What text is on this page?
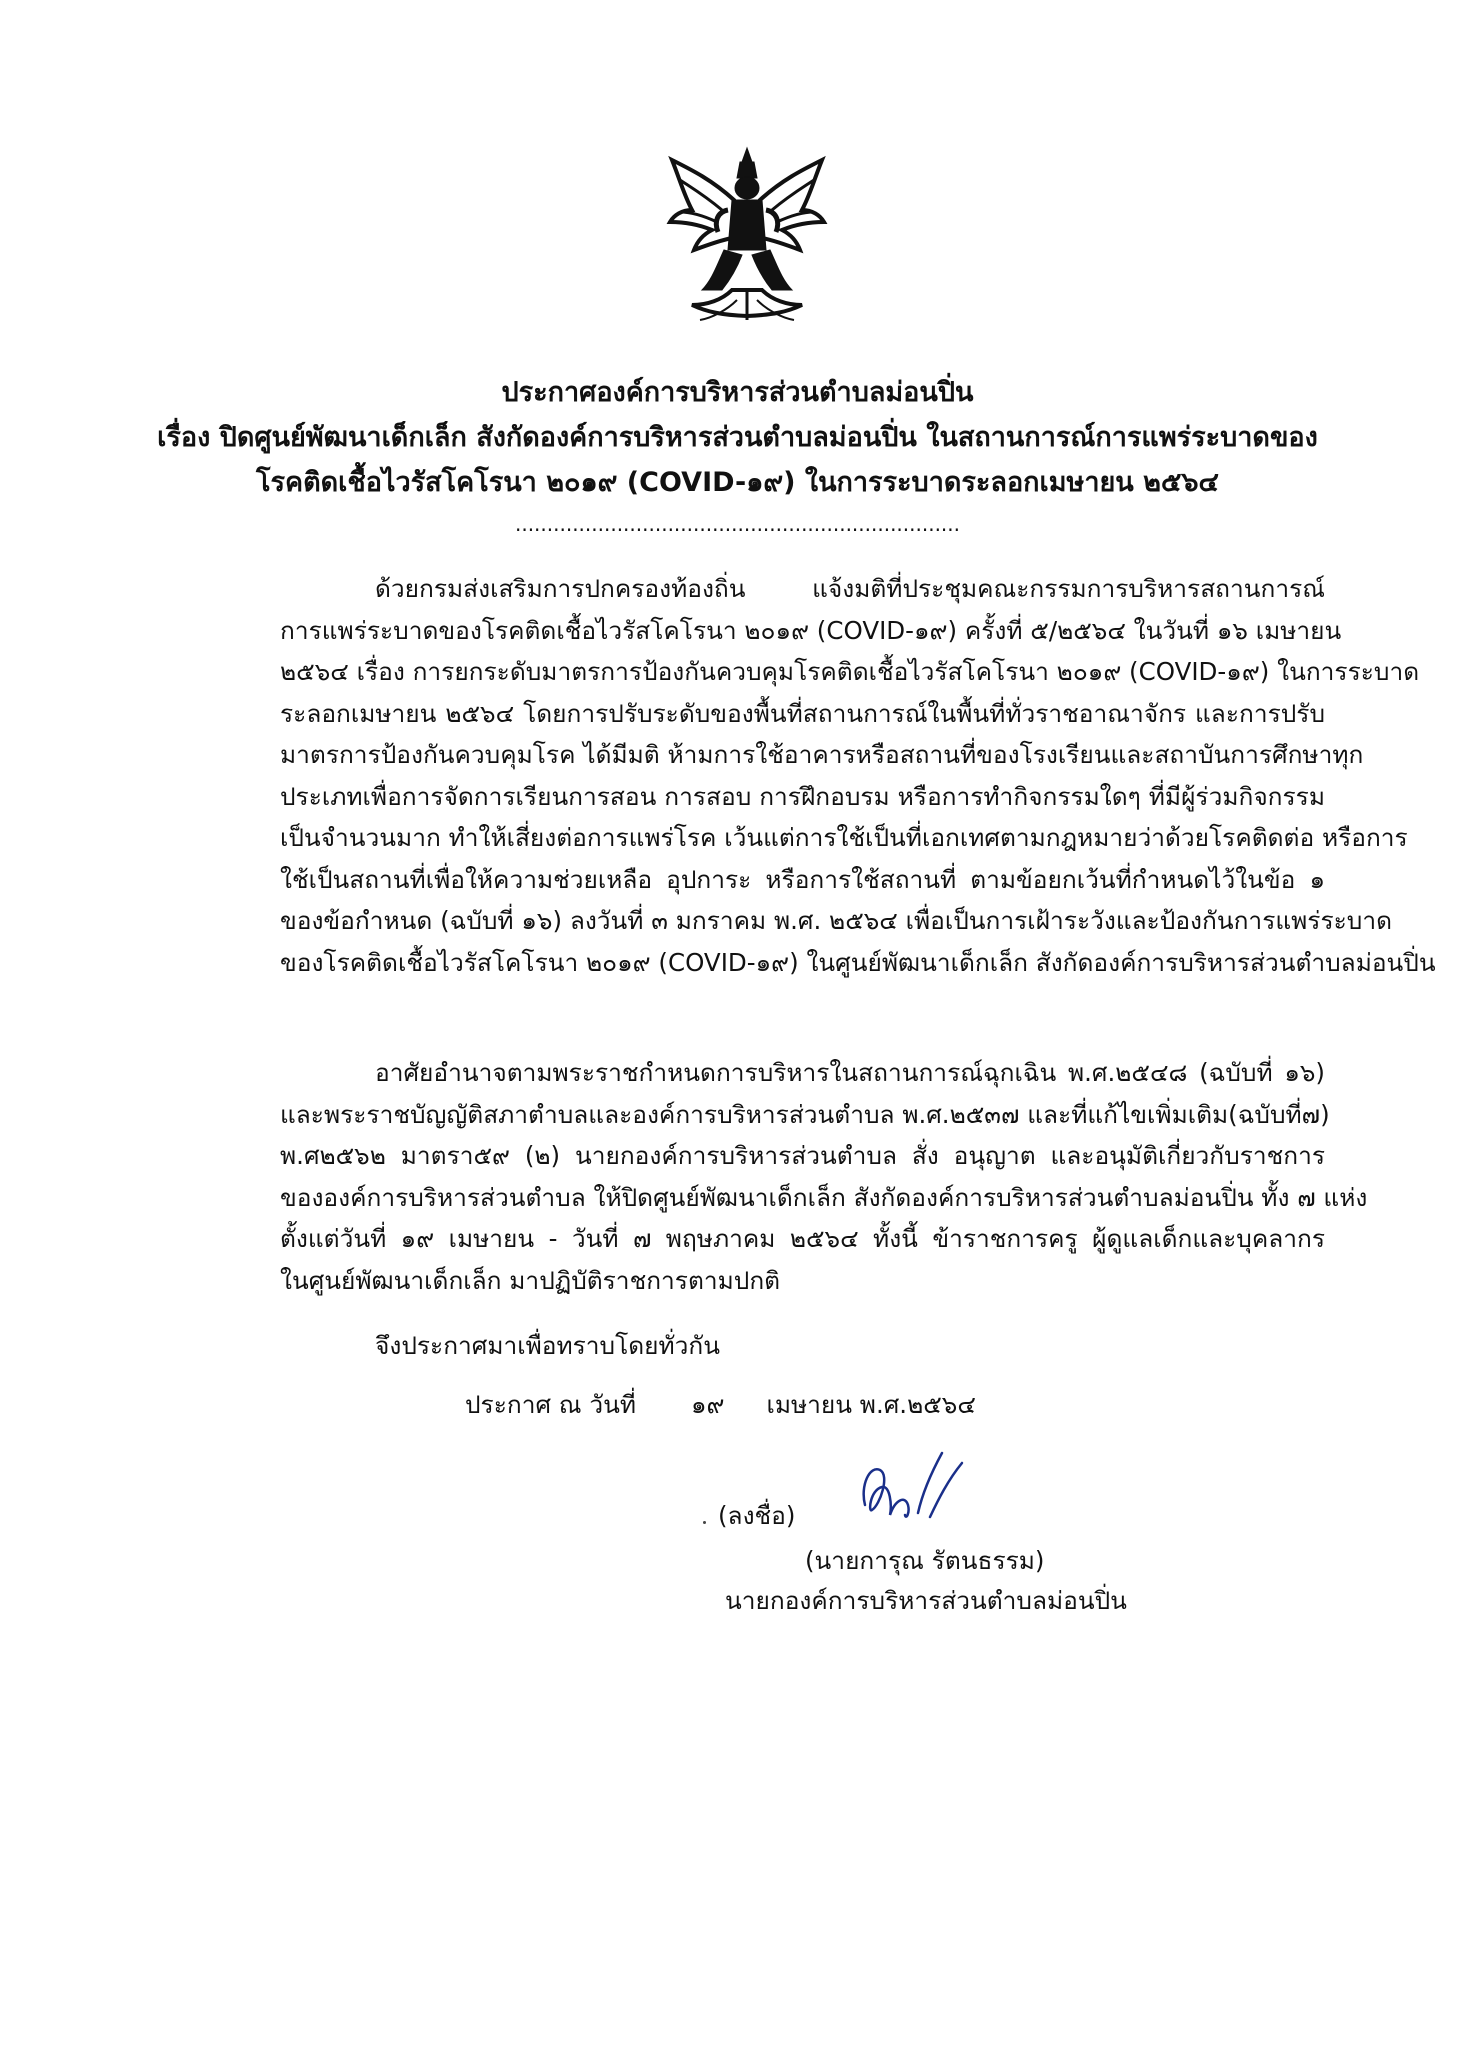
ประกาศองค์การบริหารส่วนตำบลม่อนปิ่น
เรื่อง ปิดศูนย์พัฒนาเด็กเล็ก สังกัดองค์การบริหารส่วนตำบลม่อนปิ่น ในสถานการณ์การแพร่ระบาดของ
โรคติดเชื้อไวรัสโคโรนา ๒๐๑๙ (COVID-๑๙) ในการระบาดระลอกเมษายน ๒๕๖๔
......................................................................
ด้วยกรมส่งเสริมการปกครองท้องถิ่น แจ้งมติที่ประชุมคณะกรรมการบริหารสถานการณ์
การแพร่ระบาดของโรคติดเชื้อไวรัสโคโรนา ๒๐๑๙ (COVID-๑๙) ครั้งที่ ๕/๒๕๖๔ ในวันที่ ๑๖ เมษายน
๒๕๖๔ เรื่อง การยกระดับมาตรการป้องกันควบคุมโรคติดเชื้อไวรัสโคโรนา ๒๐๑๙ (COVID-๑๙) ในการระบาด
ระลอกเมษายน ๒๕๖๔ โดยการปรับระดับของพื้นที่สถานการณ์ในพื้นที่ทั่วราชอาณาจักร และการปรับ
มาตรการป้องกันควบคุมโรค ได้มีมติ ห้ามการใช้อาคารหรือสถานที่ของโรงเรียนและสถาบันการศึกษาทุก
ประเภทเพื่อการจัดการเรียนการสอน การสอบ การฝึกอบรม หรือการทำกิจกรรมใดๆ ที่มีผู้ร่วมกิจกรรม
เป็นจำนวนมาก ทำให้เสี่ยงต่อการแพร่โรค เว้นแต่การใช้เป็นที่เอกเทศตามกฎหมายว่าด้วยโรคติดต่อ หรือการ
ใช้เป็นสถานที่เพื่อให้ความช่วยเหลือ อุปการะ หรือการใช้สถานที่ ตามข้อยกเว้นที่กำหนดไว้ในข้อ ๑
ของข้อกำหนด (ฉบับที่ ๑๖) ลงวันที่ ๓ มกราคม พ.ศ. ๒๕๖๔ เพื่อเป็นการเฝ้าระวังและป้องกันการแพร่ระบาด
ของโรคติดเชื้อไวรัสโคโรนา ๒๐๑๙ (COVID-๑๙) ในศูนย์พัฒนาเด็กเล็ก สังกัดองค์การบริหารส่วนตำบลม่อนปิ่น
อาศัยอำนาจตามพระราชกำหนดการบริหารในสถานการณ์ฉุกเฉิน พ.ศ.๒๕๔๘ (ฉบับที่ ๑๖)
และพระราชบัญญัติสภาตำบลและองค์การบริหารส่วนตำบล พ.ศ.๒๕๓๗ และที่แก้ไขเพิ่มเติม(ฉบับที่๗)
พ.ศ๒๕๖๒ มาตรา๕๙ (๒) นายกองค์การบริหารส่วนตำบล สั่ง อนุญาต และอนุมัติเกี่ยวกับราชการ
ขององค์การบริหารส่วนตำบล ให้ปิดศูนย์พัฒนาเด็กเล็ก สังกัดองค์การบริหารส่วนตำบลม่อนปิ่น ทั้ง ๗ แห่ง
ตั้งแต่วันที่ ๑๙ เมษายน - วันที่ ๗ พฤษภาคม ๒๕๖๔ ทั้งนี้ ข้าราชการครู ผู้ดูแลเด็กและบุคลากร
ในศูนย์พัฒนาเด็กเล็ก มาปฏิบัติราชการตามปกติ
จึงประกาศมาเพื่อทราบโดยทั่วกัน
ประกาศ ณ วันที่ ๑๙ เมษายน พ.ศ.๒๕๖๔
(ลงชื่อ)
(นายการุณ รัตนธรรม)
นายกองค์การบริหารส่วนตำบลม่อนปิ่น
